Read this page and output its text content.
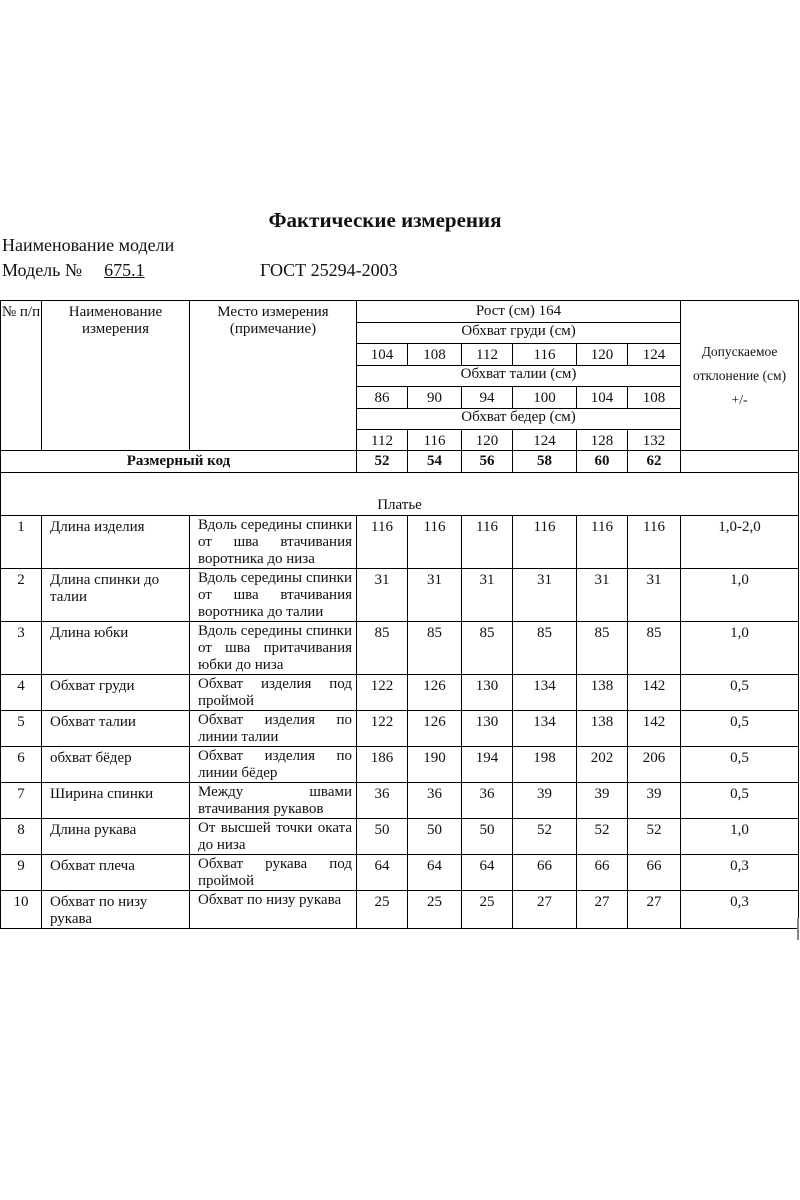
Фактические измерения
Наименование модели
Модель № 675.1	ГОСТ 25294-2003
№ п/п	Наименование измерения	Место измерения (примечание)	Рост (см) 164						Допускаемое отклонение (см) +/-
			Обхват груди (см)						
			104	108	112	116	120	124	
			Обхват талии (см)						
			86	90	94	100	104	108	
			Обхват бедер (см)						
			112	116	120	124	128	132	
Размерный код			52	54	56	58	60	62	
Платье									
1	Длина изделия	Вдоль середины спинки от шва втачивания воротника до низа	116	116	116	116	116	116	1,0-2,0
2	Длина спинки до талии	Вдоль середины спинки от шва втачивания воротника до талии	31	31	31	31	31	31	1,0
3	Длина юбки	Вдоль середины спинки от шва притачивания юбки до низа	85	85	85	85	85	85	1,0
4	Обхват груди	Обхват изделия под проймой	122	126	130	134	138	142	0,5
5	Обхват талии	Обхват изделия по линии талии	122	126	130	134	138	142	0,5
6	обхват бёдер	Обхват изделия по линии бёдер	186	190	194	198	202	206	0,5
7	Ширина спинки	Между швами втачивания рукавов	36	36	36	39	39	39	0,5
8	Длина рукава	От высшей точки оката до низа	50	50	50	52	52	52	1,0
9	Обхват плеча	Обхват рукава под проймой	64	64	64	66	66	66	0,3
10	Обхват по низу рукава	Обхват по низу рукава	25	25	25	27	27	27	0,3
